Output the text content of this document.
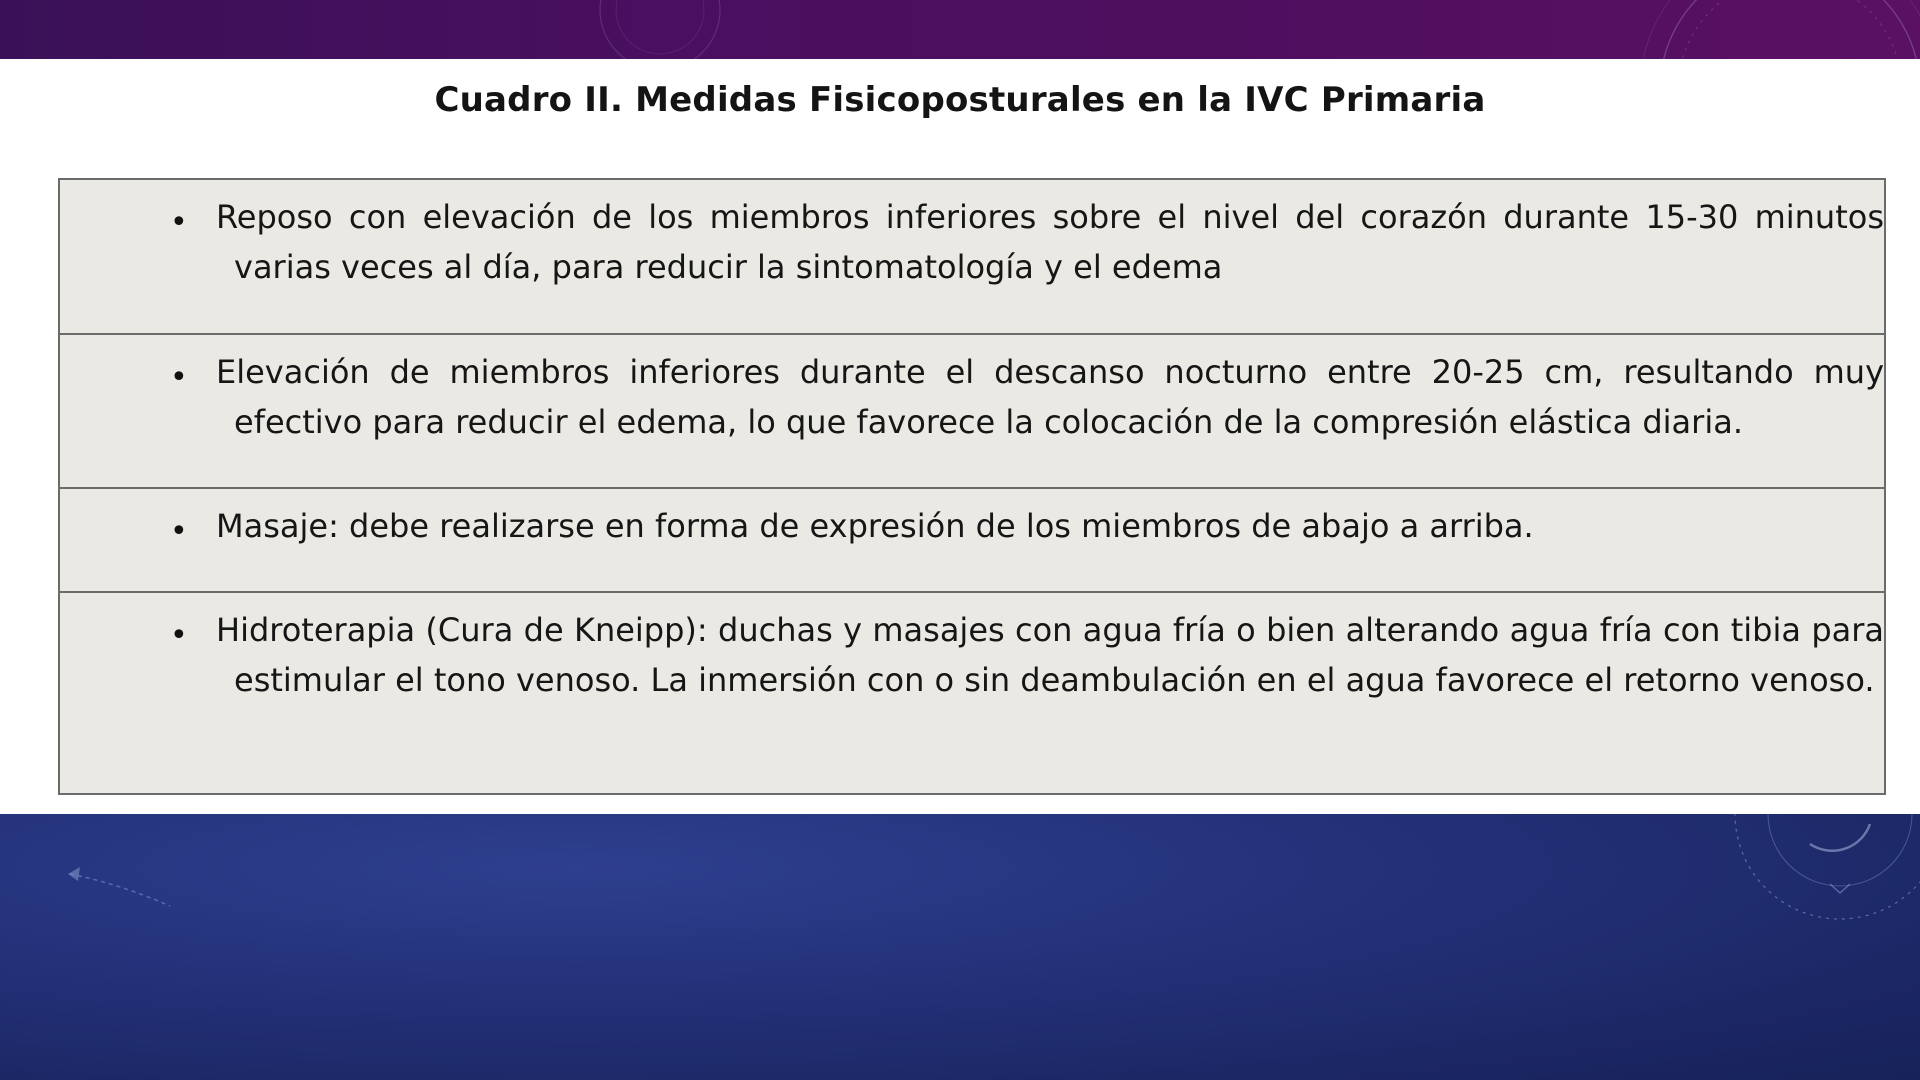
Cuadro II. Medidas Fisicoposturales en la IVC Primaria
• Reposo con elevación de los miembros inferiores sobre el nivel del corazón durante 15-30 minutos varias veces al día, para reducir la sintomatología y el edema

• Elevación de miembros inferiores durante el descanso nocturno entre 20-25 cm, resultando muy efectivo para reducir el edema, lo que favorece la colocación de la compresión elástica diaria.

• Masaje: debe realizarse en forma de expresión de los miembros de abajo a arriba.

• Hidroterapia (Cura de Kneipp): duchas y masajes con agua fría o bien alterando agua fría con tibia para estimular el tono venoso. La inmersión con o sin deambulación en el agua favorece el retorno venoso.
